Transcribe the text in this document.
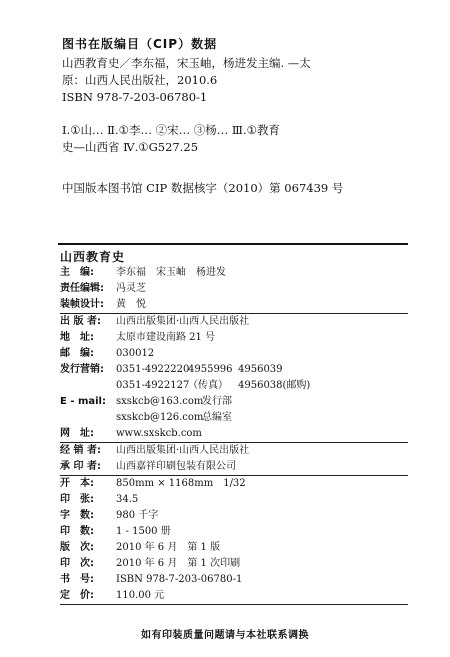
图书在版编目（CIP）数据
山西教育史／李东福，宋玉岫，杨进发主编. —太
原：山西人民出版社，2010.6
ISBN 978-7-203-06780-1
Ⅰ.①山… Ⅱ.①李… ②宋… ③杨… Ⅲ.①教育
史—山西省 Ⅳ.①G527.25
中国版本图书馆 CIP 数据核字（2010）第 067439 号
山西教育史
主　编:	李东福　宋玉岫　杨进发
责任编辑:	冯灵芝
装帧设计:	黄　悦
出 版 者:	山西出版集团·山西人民出版社
地　址:	太原市建设南路 21 号
邮　编:	030012
发行营销:	0351-49222204955996 4956039
0351-4922127（传真） 4956038(邮购)
E - mail:	sxskcb@163.com发行部
sxskcb@126.com总编室
网　址:	www.sxskcb.com
经 销 者:	山西出版集团·山西人民出版社
承 印 者:	山西嘉祥印刷包装有限公司
开　本:	850mm × 1168mm　1/32
印　张:	34.5
字　数:	980 千字
印　数:	1 - 1500 册
版　次:	2010 年 6 月　第 1 版
印　次:	2010 年 6 月　第 1 次印刷
书　号:	ISBN 978-7-203-06780-1
定　价:	110.00 元
如有印装质量问题请与本社联系调换
